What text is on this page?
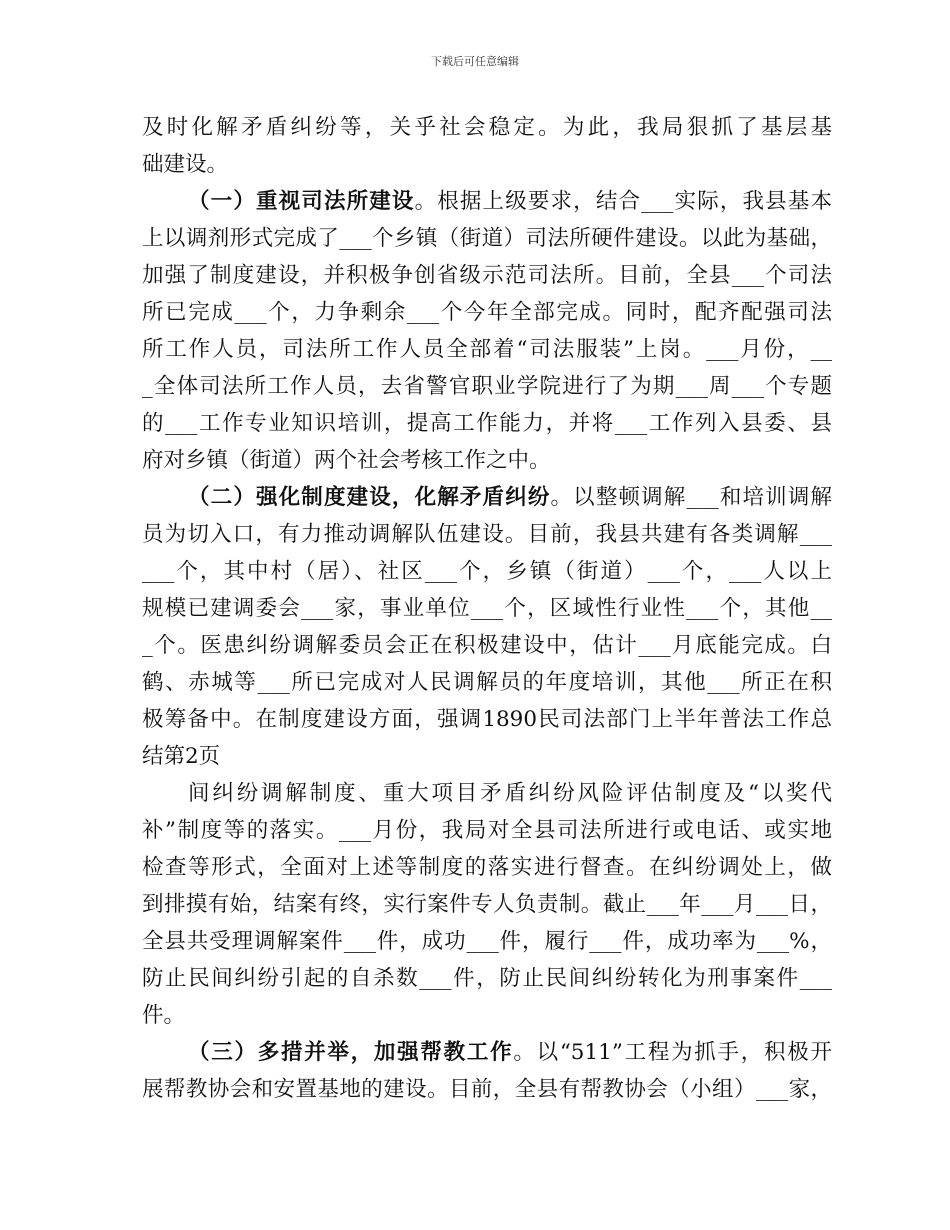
下载后可任意编辑
及时化解矛盾纠纷等，关乎社会稳定。为此，我局狠抓了基层基
础建设。
（一）重视司法所建设。根据上级要求，结合___实际，我县基本
上以调剂形式完成了___个乡镇（街道）司法所硬件建设。以此为基础，
加强了制度建设，并积极争创省级示范司法所。目前，全县___个司法
所已完成___个，力争剩余___个今年全部完成。同时，配齐配强司法
所工作人员，司法所工作人员全部着“司法服装”上岗。___月份，__
_全体司法所工作人员，去省警官职业学院进行了为期___周___个专题
的___工作专业知识培训，提高工作能力，并将___工作列入县委、县
府对乡镇（街道）两个社会考核工作之中。
（二）强化制度建设，化解矛盾纠纷。以整顿调解___和培训调解
员为切入口，有力推动调解队伍建设。目前，我县共建有各类调解___
___个，其中村（居）、社区___个，乡镇（街道）___个，___人以上
规模已建调委会___家，事业单位___个，区域性行业性___个，其他__
_个。医患纠纷调解委员会正在积极建设中，估计___月底能完成。白
鹤、赤城等___所已完成对人民调解员的年度培训，其他___所正在积
极筹备中。在制度建设方面，强调1890民司法部门上半年普法工作总
结第2页
间纠纷调解制度、重大项目矛盾纠纷风险评估制度及“以奖代
补”制度等的落实。___月份，我局对全县司法所进行或电话、或实地
检查等形式，全面对上述等制度的落实进行督查。在纠纷调处上，做
到排摸有始，结案有终，实行案件专人负责制。截止___年___月___日，
全县共受理调解案件___件，成功___件，履行___件，成功率为___%，
防止民间纠纷引起的自杀数___件，防止民间纠纷转化为刑事案件___
件。
（三）多措并举，加强帮教工作。以“511”工程为抓手，积极开
展帮教协会和安置基地的建设。目前，全县有帮教协会（小组）___家，
